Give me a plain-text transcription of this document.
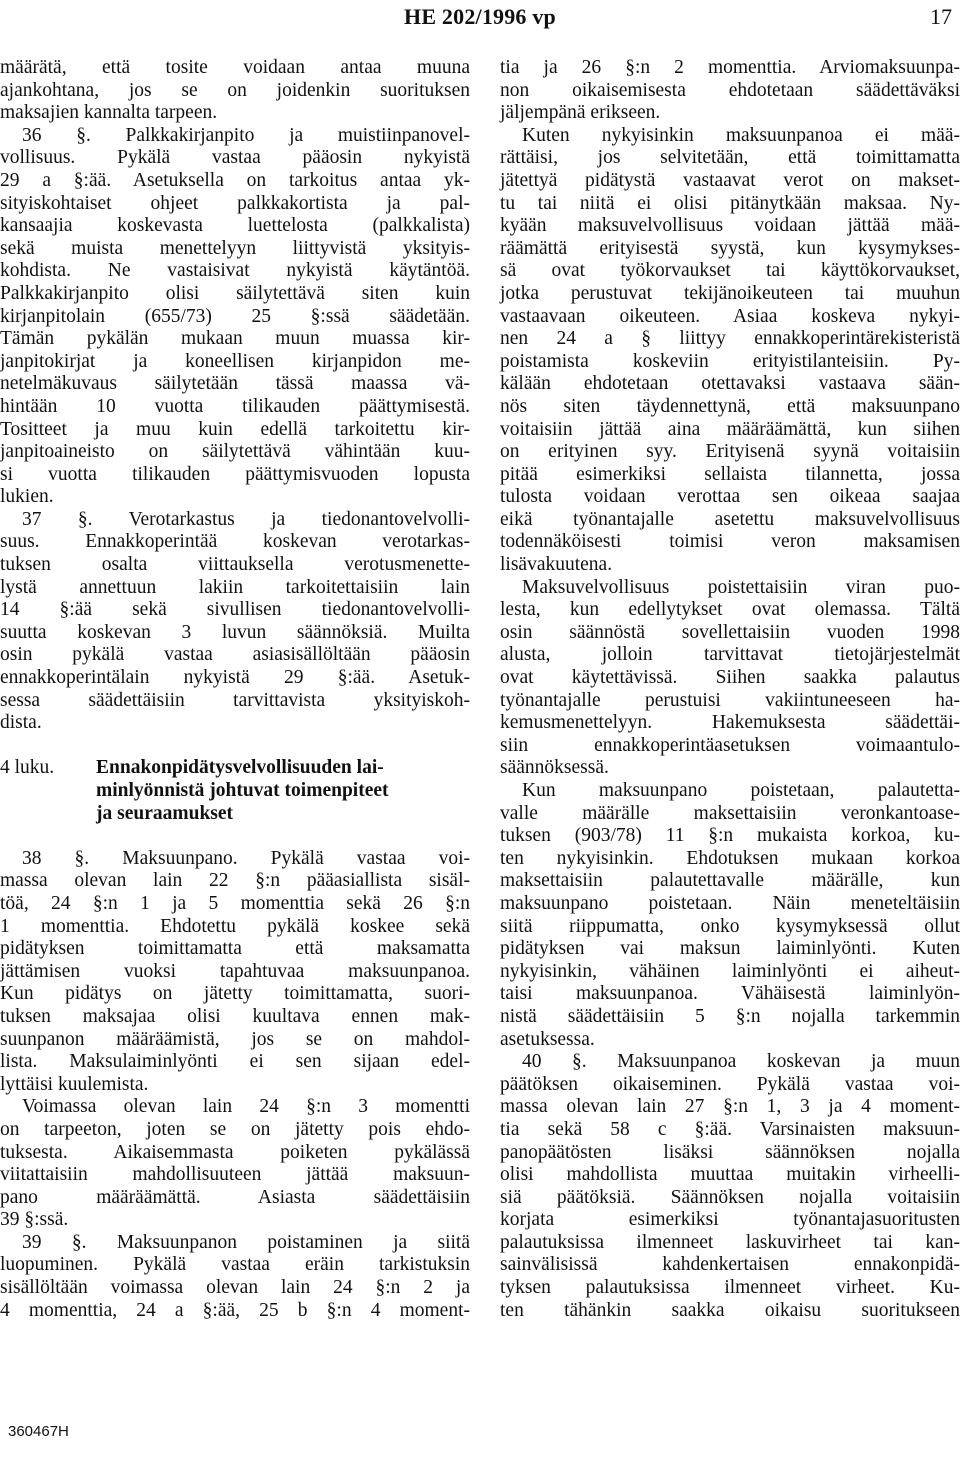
HE 202/1996 vp	17
määrätä, että tosite voidaan antaa muuna
ajankohtana, jos se on joidenkin suorituksen
maksajien kannalta tarpeen.
36 §. Palkkakirjanpito ja muistiinpanovel-
vollisuus. Pykälä vastaa pääosin nykyistä
29 a §:ää. Asetuksella on tarkoitus antaa yk-
sityiskohtaiset ohjeet palkkakortista ja pal-
kansaajia koskevasta luettelosta (palkkalista)
sekä muista menettelyyn liittyvistä yksityis-
kohdista. Ne vastaisivat nykyistä käytäntöä.
Palkkakirjanpito olisi säilytettävä siten kuin
kirjanpitolain (655/73) 25 §:ssä säädetään.
Tämän pykälän mukaan muun muassa kir-
janpitokirjat ja koneellisen kirjanpidon me-
netelmäkuvaus säilytetään tässä maassa vä-
hintään 10 vuotta tilikauden päättymisestä.
Tositteet ja muu kuin edellä tarkoitettu kir-
janpitoaineisto on säilytettävä vähintään kuu-
si vuotta tilikauden päättymisvuoden lopusta
lukien.
37 §. Verotarkastus ja tiedonantovelvolli-
suus. Ennakkoperintää koskevan verotarkas-
tuksen osalta viittauksella verotusmenette-
lystä annettuun lakiin tarkoitettaisiin lain
14 §:ää sekä sivullisen tiedonantovelvolli-
suutta koskevan 3 luvun säännöksiä. Muilta
osin pykälä vastaa asiasisällöltään pääosin
ennakkoperintälain nykyistä 29 §:ää. Asetuk-
sessa säädettäisiin tarvittavista yksityiskoh-
dista.
4 luku.	Ennakonpidätysvelvollisuuden lai-
minlyönnistä johtuvat toimenpiteet
ja seuraamukset
38 §. Maksuunpano. Pykälä vastaa voi-
massa olevan lain 22 §:n pääasiallista sisäl-
töä, 24 §:n 1 ja 5 momenttia sekä 26 §:n
1 momenttia. Ehdotettu pykälä koskee sekä
pidätyksen toimittamatta että maksamatta
jättämisen vuoksi tapahtuvaa maksuunpanoa.
Kun pidätys on jätetty toimittamatta, suori-
tuksen maksajaa olisi kuultava ennen mak-
suunpanon määräämistä, jos se on mahdol-
lista. Maksulaiminlyönti ei sen sijaan edel-
lyttäisi kuulemista.
Voimassa olevan lain 24 §:n 3 momentti
on tarpeeton, joten se on jätetty pois ehdo-
tuksesta. Aikaisemmasta poiketen pykälässä
viitattaisiin mahdollisuuteen jättää maksuun-
pano määräämättä. Asiasta säädettäisiin
39 §:ssä.
39 §. Maksuunpanon poistaminen ja siitä
luopuminen. Pykälä vastaa eräin tarkistuksin
sisällöltään voimassa olevan lain 24 §:n 2 ja
4 momenttia, 24 a §:ää, 25 b §:n 4 moment-
tia ja 26 §:n 2 momenttia. Arviomaksuunpa-
non oikaisemisesta ehdotetaan säädettäväksi
jäljempänä erikseen.
Kuten nykyisinkin maksuunpanoa ei mää-
rättäisi, jos selvitetään, että toimittamatta
jätettyä pidätystä vastaavat verot on makset-
tu tai niitä ei olisi pitänytkään maksaa. Ny-
kyään maksuvelvollisuus voidaan jättää mää-
räämättä erityisestä syystä, kun kysymykses-
sä ovat työkorvaukset tai käyttökorvaukset,
jotka perustuvat tekijänoikeuteen tai muuhun
vastaavaan oikeuteen. Asiaa koskeva nykyi-
nen 24 a § liittyy ennakkoperintärekisteristä
poistamista koskeviin erityistilanteisiin. Py-
kälään ehdotetaan otettavaksi vastaava sään-
nös siten täydennettynä, että maksuunpano
voitaisiin jättää aina määräämättä, kun siihen
on erityinen syy. Erityisenä syynä voitaisiin
pitää esimerkiksi sellaista tilannetta, jossa
tulosta voidaan verottaa sen oikeaa saajaa
eikä työnantajalle asetettu maksuvelvollisuus
todennäköisesti toimisi veron maksamisen
lisävakuutena.
Maksuvelvollisuus poistettaisiin viran puo-
lesta, kun edellytykset ovat olemassa. Tältä
osin säännöstä sovellettaisiin vuoden 1998
alusta, jolloin tarvittavat tietojärjestelmät
ovat käytettävissä. Siihen saakka palautus
työnantajalle perustuisi vakiintuneeseen ha-
kemusmenettelyyn. Hakemuksesta säädettäi-
siin ennakkoperintäasetuksen voimaantulo-
säännöksessä.
Kun maksuunpano poistetaan, palautetta-
valle määrälle maksettaisiin veronkantoase-
tuksen (903/78) 11 §:n mukaista korkoa, ku-
ten nykyisinkin. Ehdotuksen mukaan korkoa
maksettaisiin palautettavalle määrälle, kun
maksuunpano poistetaan. Näin meneteltäisiin
siitä riippumatta, onko kysymyksessä ollut
pidätyksen vai maksun laiminlyönti. Kuten
nykyisinkin, vähäinen laiminlyönti ei aiheut-
taisi maksuunpanoa. Vähäisestä laiminlyön-
nistä säädettäisiin 5 §:n nojalla tarkemmin
asetuksessa.
40 §. Maksuunpanoa koskevan ja muun
päätöksen oikaiseminen. Pykälä vastaa voi-
massa olevan lain 27 §:n 1, 3 ja 4 moment-
tia sekä 58 c §:ää. Varsinaisten maksuun-
panopäätösten lisäksi säännöksen nojalla
olisi mahdollista muuttaa muitakin virheelli-
siä päätöksiä. Säännöksen nojalla voitaisiin
korjata esimerkiksi työnantajasuoritusten
palautuksissa ilmenneet laskuvirheet tai kan-
sainvälisissä kahdenkertaisen ennakonpidä-
tyksen palautuksissa ilmenneet virheet. Ku-
ten tähänkin saakka oikaisu suoritukseen
360467H
